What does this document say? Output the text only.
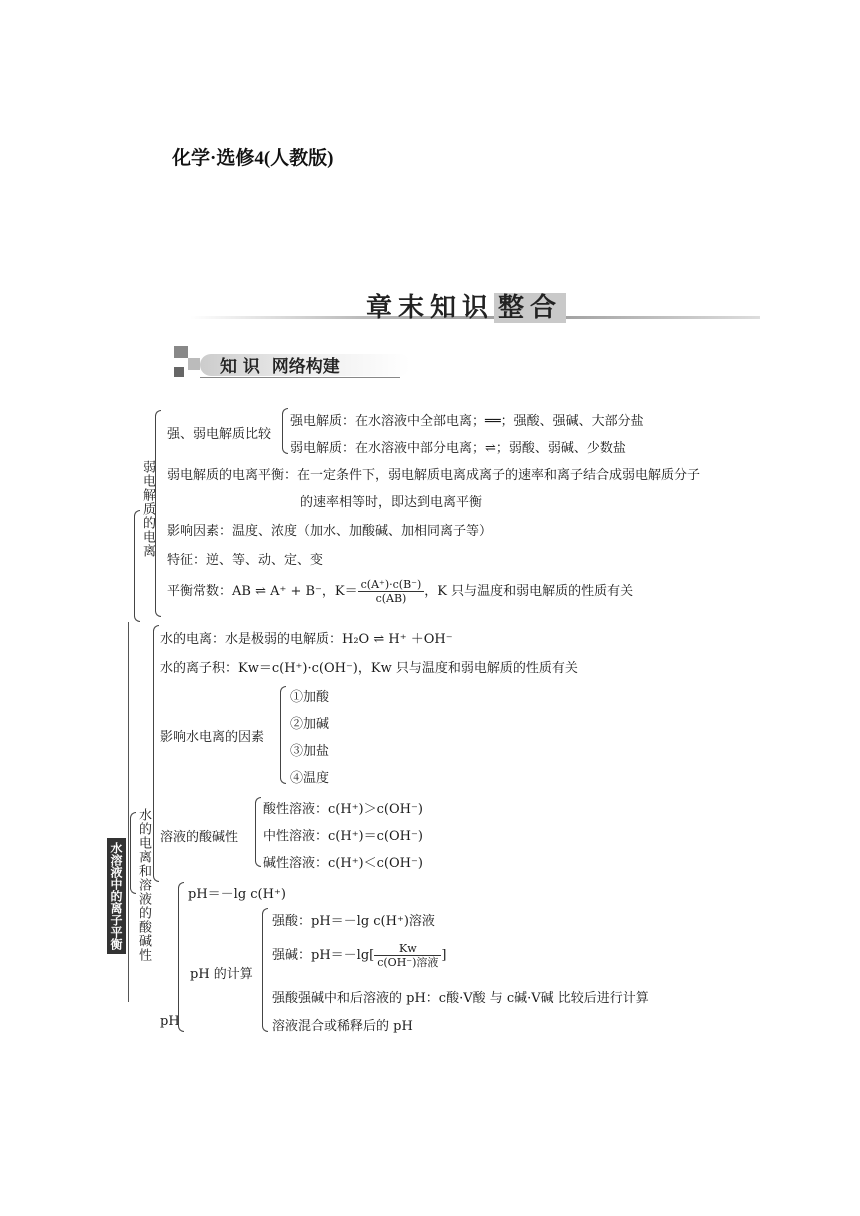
化学·选修4(人教版)
章末知识 整合
知 识 网络构建
弱电解质的电离
强、弱电解质比较
强电解质：在水溶液中全部电离；══；强酸、强碱、大部分盐
弱电解质：在水溶液中部分电离；⇌；弱酸、弱碱、少数盐
弱电解质的电离平衡：在一定条件下，弱电解质电离成离子的速率和离子结合成弱电解质分子
的速率相等时，即达到电离平衡
影响因素：温度、浓度（加水、加酸碱、加相同离子等）
特征：逆、等、动、定、变
平衡常数：AB ⇌ A⁺ + B⁻，$K= \frac{c(A^+)\cdot c(B^-)}{c(AB)}$ ，K 只与温度和弱电解质的性质有关
水溶液中的离子平衡 水的电离和溶液的酸碱性
水的电离：水是极弱的电解质：H₂O ⇌ H⁺ ＋OH⁻
水的离子积：Kw＝c(H⁺)·c(OH⁻)，Kw 只与温度和弱电解质的性质有关
影响水电离的因素
①加酸
②加碱
③加盐
④温度
溶液的酸碱性
酸性溶液：c(H⁺)＞c(OH⁻)
中性溶液：c(H⁺)＝c(OH⁻)
碱性溶液：c(H⁺)＜c(OH⁻)
pH
pH＝－lg c(H⁺)
pH 的计算
强酸：pH＝－lg c(H⁺)溶液
强碱：$pH=-\lg[ \frac{Kw}{\text{c(OH⁻)溶液}}$ ]
强酸强碱中和后溶液的 pH：c酸·V酸 与 c碱·V碱 比较后进行计算
溶液混合或稀释后的 pH
